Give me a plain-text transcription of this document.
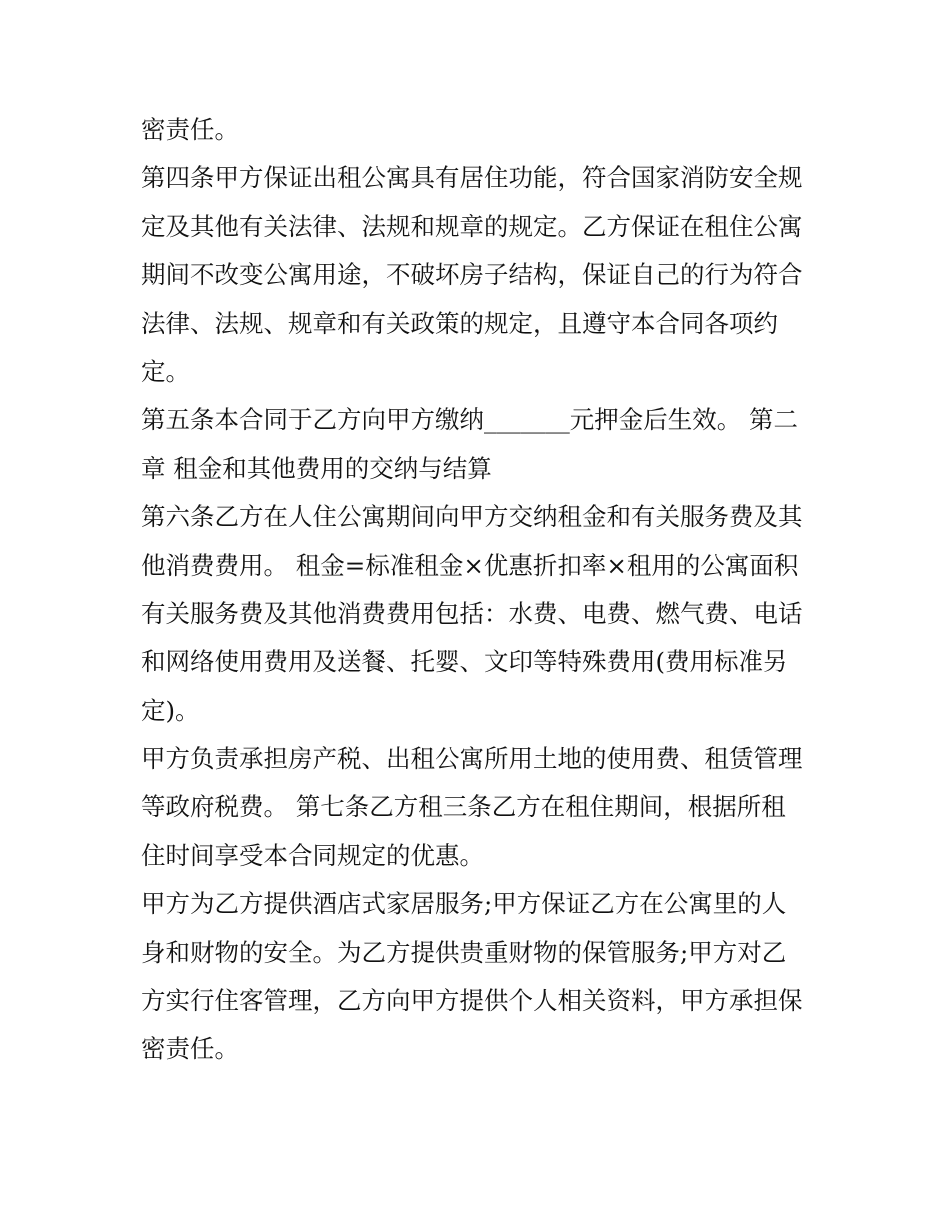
密责任。
第四条甲方保证出租公寓具有居住功能，符合国家消防安全规
定及其他有关法律、法规和规章的规定。乙方保证在租住公寓
期间不改变公寓用途，不破坏房子结构，保证自己的行为符合
法律、法规、规章和有关政策的规定，且遵守本合同各项约
定。
第五条本合同于乙方向甲方缴纳_______元押金后生效。 第二
章 租金和其他费用的交纳与结算
第六条乙方在人住公寓期间向甲方交纳租金和有关服务费及其
他消费费用。 租金=标准租金×优惠折扣率×租用的公寓面积
有关服务费及其他消费费用包括：水费、电费、燃气费、电话
和网络使用费用及送餐、托婴、文印等特殊费用(费用标准另
定)。
甲方负责承担房产税、出租公寓所用土地的使用费、租赁管理
等政府税费。 第七条乙方租三条乙方在租住期间，根据所租
住时间享受本合同规定的优惠。
甲方为乙方提供酒店式家居服务;甲方保证乙方在公寓里的人
身和财物的安全。为乙方提供贵重财物的保管服务;甲方对乙
方实行住客管理，乙方向甲方提供个人相关资料，甲方承担保
密责任。
